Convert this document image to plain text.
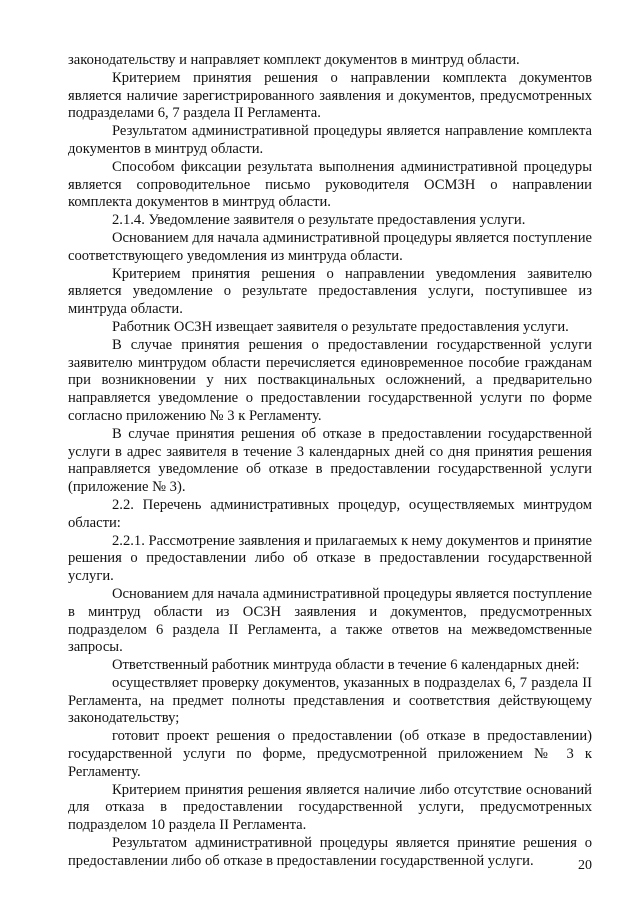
законодательству и направляет комплект документов в минтруд области.

Критерием принятия решения о направлении комплекта документов является наличие зарегистрированного заявления и документов, предусмотренных подразделами 6, 7 раздела II Регламента.

Результатом административной процедуры является направление комплекта документов в минтруд области.

Способом фиксации результата выполнения административной процедуры является сопроводительное письмо руководителя ОСМЗН о направлении комплекта документов в минтруд области.

2.1.4. Уведомление заявителя о результате предоставления услуги.

Основанием для начала административной процедуры является поступление соответствующего уведомления из минтруда области.

Критерием принятия решения о направлении уведомления заявителю является уведомление о результате предоставления услуги, поступившее из минтруда области.

Работник ОСЗН извещает заявителя о результате предоставления услуги.

В случае принятия решения о предоставлении государственной услуги заявителю минтрудом области перечисляется единовременное пособие гражданам при возникновении у них поствакцинальных осложнений, а предварительно направляется уведомление о предоставлении государственной услуги по форме согласно приложению № 3 к Регламенту.

В случае принятия решения об отказе в предоставлении государственной услуги в адрес заявителя в течение 3 календарных дней со дня принятия решения направляется уведомление об отказе в предоставлении государственной услуги (приложение № 3).

2.2. Перечень административных процедур, осуществляемых минтрудом области:

2.2.1. Рассмотрение заявления и прилагаемых к нему документов и принятие решения о предоставлении либо об отказе в предоставлении государственной услуги.

Основанием для начала административной процедуры является поступление в минтруд области из ОСЗН заявления и документов, предусмотренных подразделом 6 раздела II Регламента, а также ответов на межведомственные запросы.

Ответственный работник минтруда области в течение 6 календарных дней:

осуществляет проверку документов, указанных в подразделах 6, 7 раздела II Регламента, на предмет полноты представления и соответствия действующему законодательству;

готовит проект решения о предоставлении (об отказе в предоставлении) государственной услуги по форме, предусмотренной приложением № 3 к Регламенту.

Критерием принятия решения является наличие либо отсутствие оснований для отказа в предоставлении государственной услуги, предусмотренных подразделом 10 раздела II Регламента.

Результатом административной процедуры является принятие решения о предоставлении либо об отказе в предоставлении государственной услуги.	20
